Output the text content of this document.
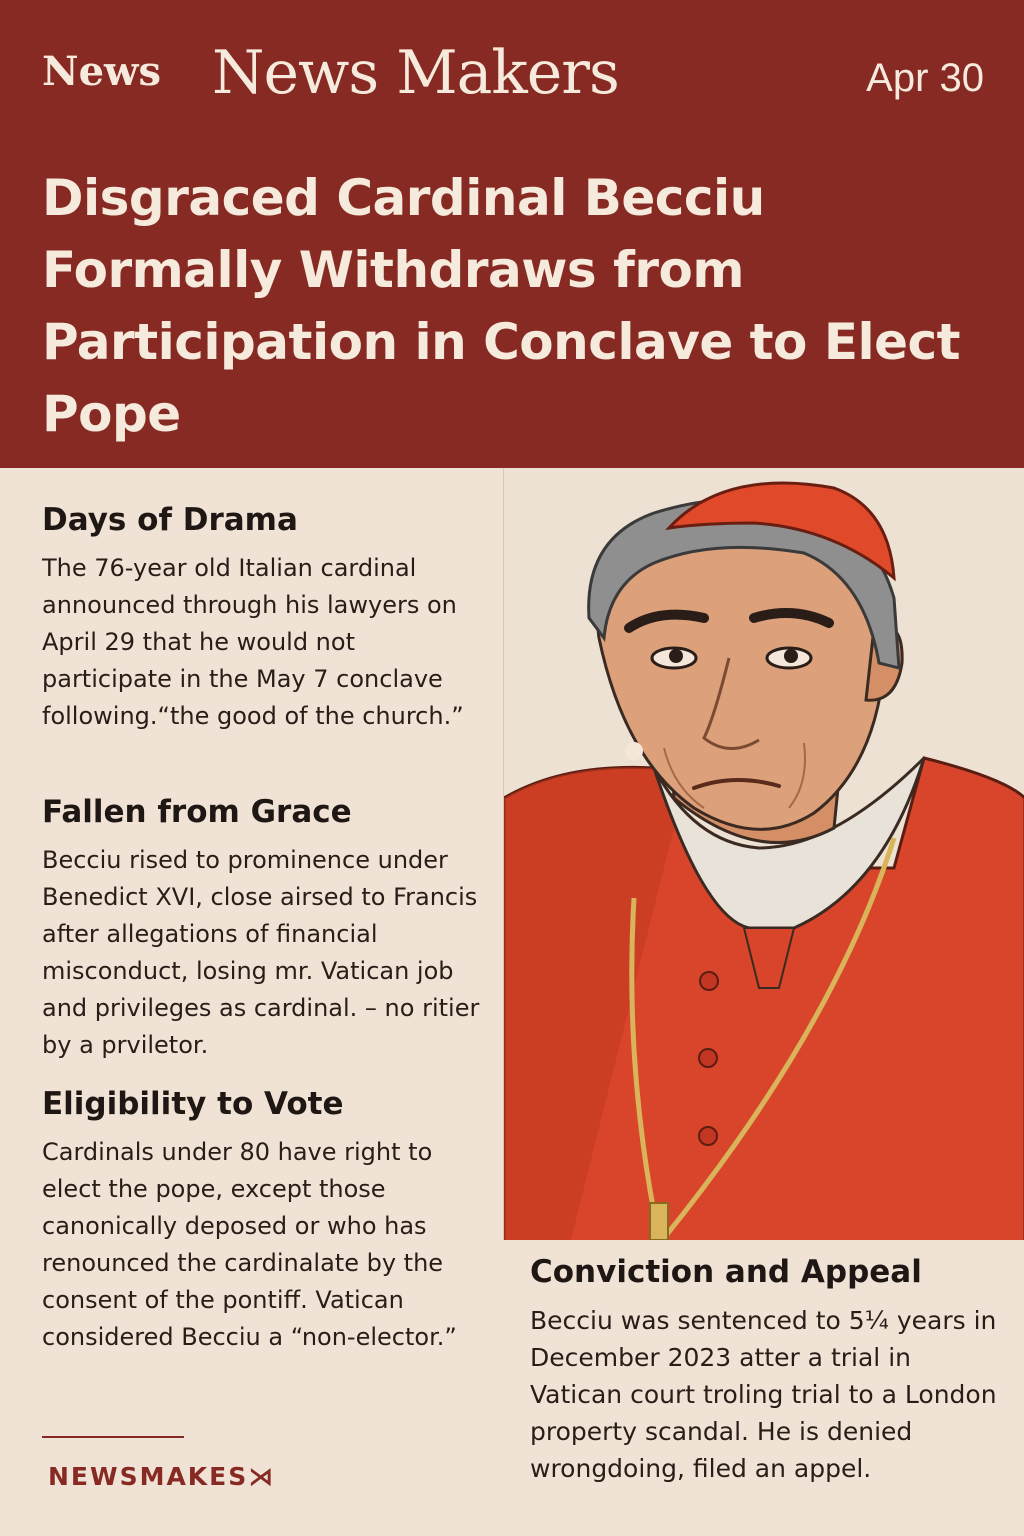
News News Makers	Apr 30
Disgraced Cardinal Becciu Formally Withdraws from Participation in Conclave to Elect Pope
Days of Drama

The 76-year old Italian cardinal announced through his lawyers on April 29 that he would not participate in the May 7 conclave following.“the good of the church.”

Fallen from Grace

Becciu rised to prominence under Benedict XVI, close airsed to Francis after allegations of financial misconduct, losing mr. Vatican job and privileges as cardinal. – no ritier by a prviletor.

Eligibility to Vote

Cardinals under 80 have right to elect the pope, except those canonically deposed or who has renounced the cardinalate by the consent of the pontiff. Vatican considered Becciu a “non-elector.”

Conviction and Appeal

Becciu was sentenced to 5¼ years in December 2023 atter a trial in Vatican court troling trial to a London property scandal. He is denied wrongdoing, filed an appel.

NEWSMAKES⋊
